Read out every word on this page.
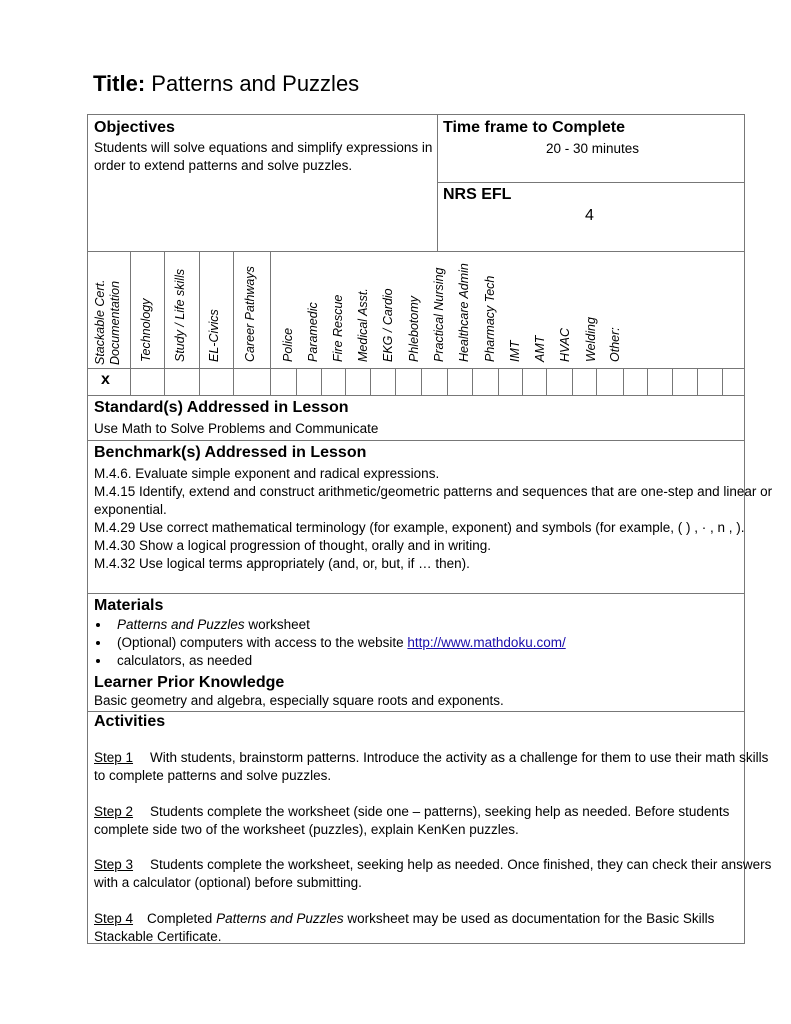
Title: Patterns and Puzzles
Objectives
Students will solve equations and simplify expressions in
order to extend patterns and solve puzzles.
Time frame to Complete
20 - 30 minutes
NRS EFL
4
Stackable Cert. Documentation Technology Study / Life skills EL-Civics Career Pathways Police Paramedic Fire Rescue Medical Asst. EKG / Cardio Phlebotomy Practical Nursing Healthcare Admin Pharmacy Tech IMT AMT HVAC Welding Other:
x
Standard(s) Addressed in Lesson
Use Math to Solve Problems and Communicate
Benchmark(s) Addressed in Lesson
M.4.6. Evaluate simple exponent and radical expressions.
M.4.15 Identify, extend and construct arithmetic/geometric patterns and sequences that are one-step and linear or
exponential.
M.4.29 Use correct mathematical terminology (for example, exponent) and symbols (for example, ( ) , · , n , ).
M.4.30 Show a logical progression of thought, orally and in writing.
M.4.32 Use logical terms appropriately (and, or, but, if … then).
Materials
Patterns and Puzzles worksheet
(Optional) computers with access to the website http://www.mathdoku.com/
calculators, as needed
Learner Prior Knowledge
Basic geometry and algebra, especially square roots and exponents.
Activities
Step 1 With students, brainstorm patterns. Introduce the activity as a challenge for them to use their math skills
to complete patterns and solve puzzles.
Step 2 Students complete the worksheet (side one – patterns), seeking help as needed. Before students
complete side two of the worksheet (puzzles), explain KenKen puzzles.
Step 3 Students complete the worksheet, seeking help as needed. Once finished, they can check their answers
with a calculator (optional) before submitting.
Step 4 Completed Patterns and Puzzles worksheet may be used as documentation for the Basic Skills
Stackable Certificate.
